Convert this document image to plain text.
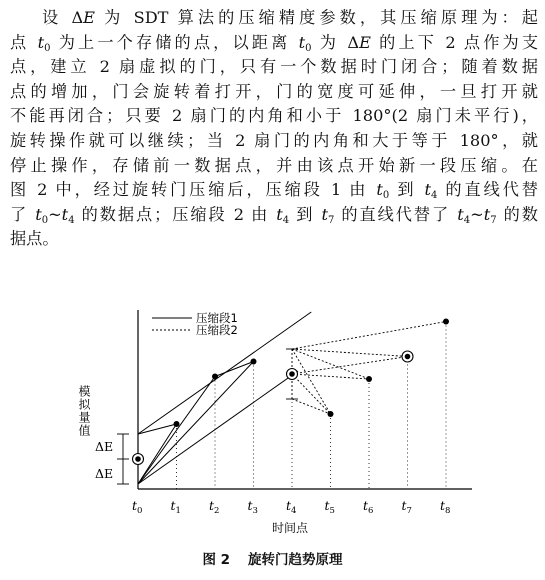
设 ΔE 为 SDT 算法的压缩精度参数，其压缩原理为：起
点 $t_0$ 为上一个存储的点，以距离 $t_0$ 为 ΔE 的上下 2 点作为支
点，建立 2 扇虚拟的门，只有一个数据时门闭合；随着数据
点的增加，门会旋转着打开，门的宽度可延伸，一旦打开就
不能再闭合；只要 2 扇门的内角和小于 180°(2 扇门未平行)，
旋转操作就可以继续；当 2 扇门的内角和大于等于 180°，就
停止操作，存储前一数据点，并由该点开始新一段压缩。在
图 2 中，经过旋转门压缩后，压缩段 1 由 $t_0$ 到 $t_4$ 的直线代替
了 $t_0\sim t_4$ 的数据点；压缩段 2 由 $t_4$ 到 $t_7$ 的直线代替了 $t_4\sim t_7$ 的数
据点。
压缩段1
压缩段2
模拟量值
时间点
ΔE
ΔE
$t_0$ $t_1$ $t_2$ $t_3$ $t_4$ $t_5$ $t_6$ $t_7$ $t_8$
图 2 旋转门趋势原理
